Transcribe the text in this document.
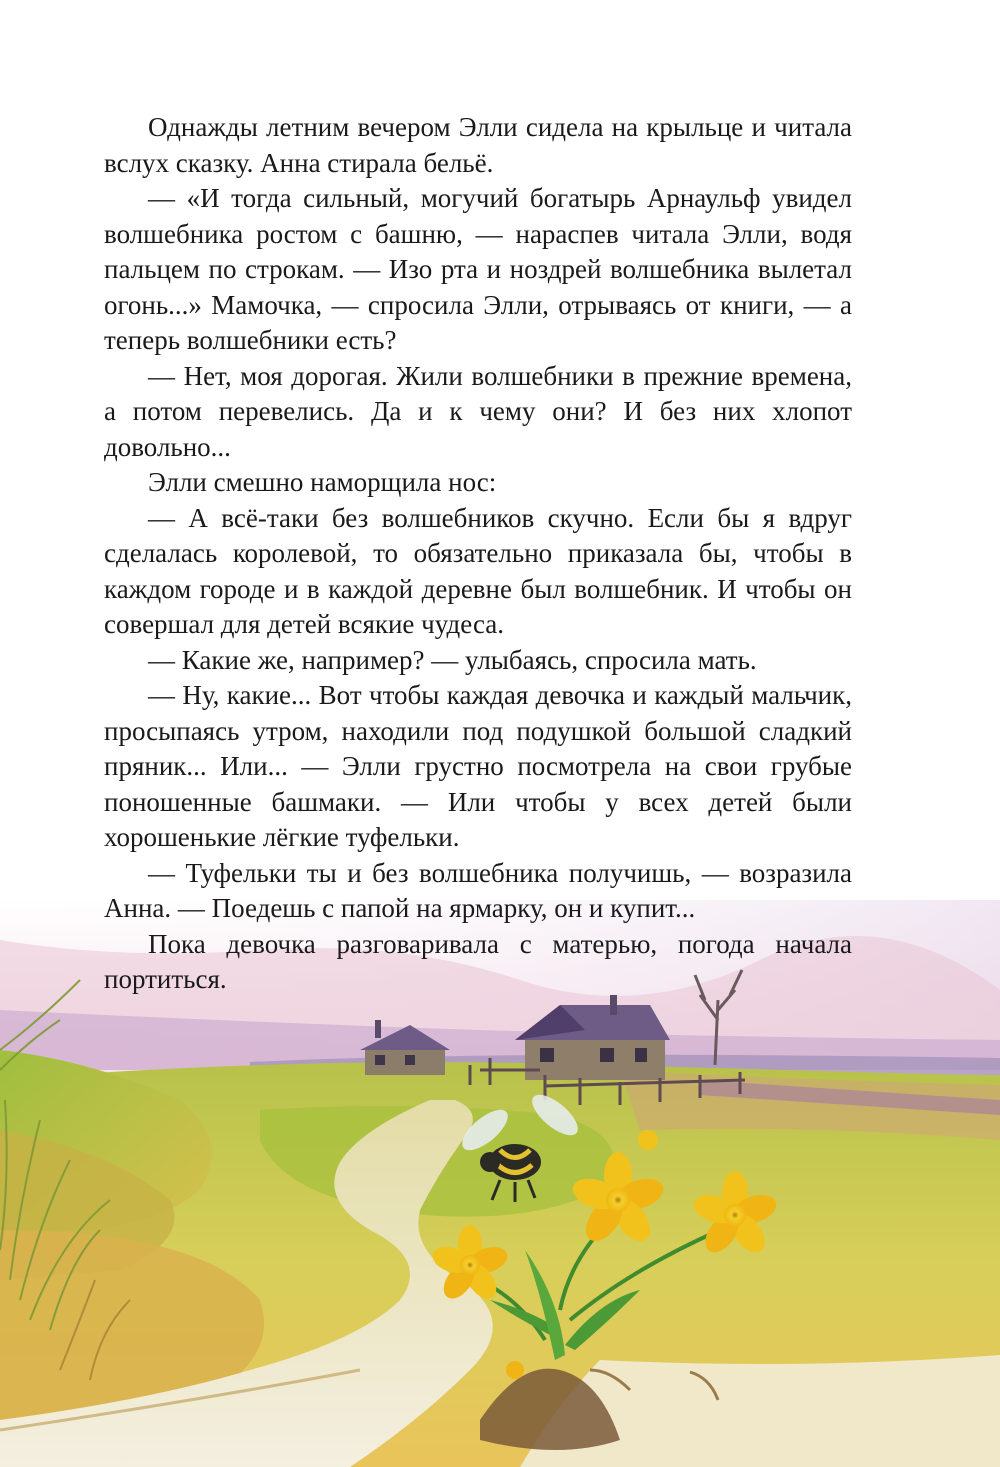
Однажды летним вечером Элли сидела на крыльце и читала вслух сказку. Анна стирала бельё.

— «И тогда сильный, могучий богатырь Арнаульф увидел волшебника ростом с башню, — нараспев читала Элли, водя пальцем по строкам. — Изо рта и ноздрей волшебника вылетал огонь...» Мамочка, — спросила Элли, отрываясь от книги, — а теперь волшебники есть?

— Нет, моя дорогая. Жили волшебники в прежние времена, а потом перевелись. Да и к чему они? И без них хлопот довольно...

Элли смешно наморщила нос:

— А всё-таки без волшебников скучно. Если бы я вдруг сделалась королевой, то обязательно приказала бы, чтобы в каждом городе и в каждой деревне был волшебник. И чтобы он совершал для детей всякие чудеса.

— Какие же, например? — улыбаясь, спросила мать.

— Ну, какие... Вот чтобы каждая девочка и каждый мальчик, просыпаясь утром, находили под подушкой большой сладкий пряник... Или... — Элли грустно посмотрела на свои грубые поношенные башмаки. — Или чтобы у всех детей были хорошенькие лёгкие туфельки.

— Туфельки ты и без волшебника получишь, — возразила Анна. — Поедешь с папой на ярмарку, он и купит...

Пока девочка разговаривала с матерью, погода начала портиться.
